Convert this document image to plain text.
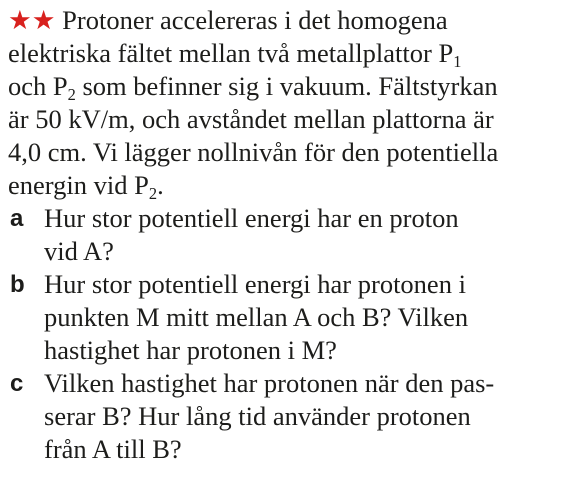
★★ Protoner accelereras i det homogena
elektriska fältet mellan två metallplattor $P_1$
och $P_2$ som befinner sig i vakuum. Fältstyrkan
är 50 kV/m, och avståndet mellan plattorna är
4,0 cm. Vi lägger nollnivån för den potentiella
energin vid $P_2$.
a Hur stor potentiell energi har en proton
vid A?
b Hur stor potentiell energi har protonen i
punkten M mitt mellan A och B? Vilken
hastighet har protonen i M?
c Vilken hastighet har protonen när den pas-
serar B? Hur lång tid använder protonen
från A till B?
